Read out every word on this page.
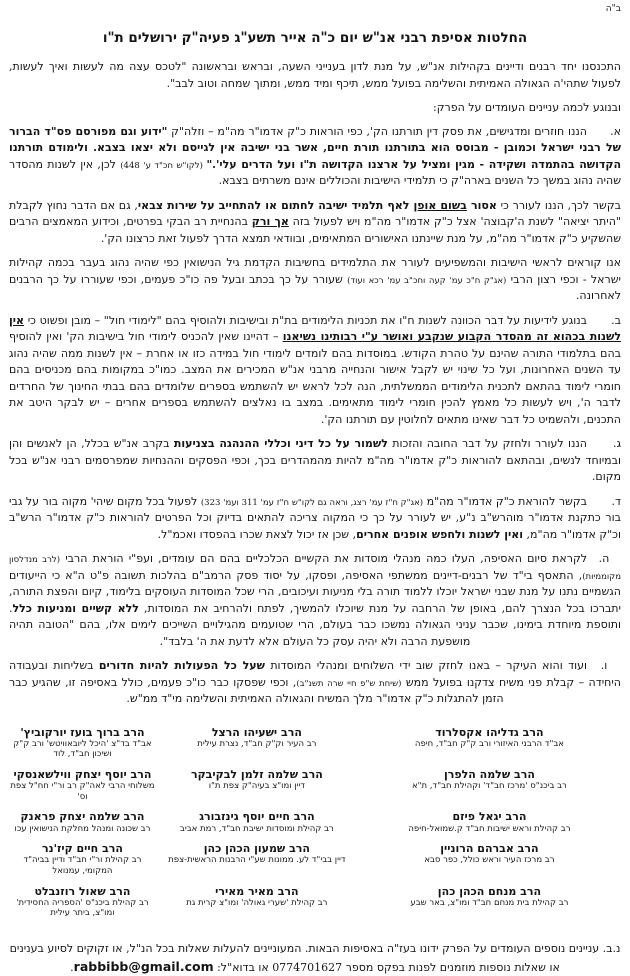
ב"ה
החלטות אסיפת רבני אנ"ש יום כ"ה אייר תשע"ג פעיה"ק ירושלים ת"ו

התכנסנו יחד רבנים ודיינים בקהילות אנ"ש, על מנת לדון בענייני השעה, ובראש ובראשונה "לטכס עצה מה לעשות ואיך לעשות, לפעול שתהי'ה הגאולה האמיתית והשלימה בפועל ממש, תיכף ומיד ממש, ומתוך שמחה וטוב לבב".

ובנוגע לכמה עניינים העומדים על הפרק:

א.הננו חוזרים ומדגישים, את פסק דין תורתנו הק', כפי הוראות כ"ק אדמו"ר מה"מ – וזלה"ק "ידוע וגם מפורסם פס"ד הברור של רבני ישראל וכמובן - מבוסס הוא בתורתנו תורת חיים, אשר בני ישיבה אין לגייסם ולא יצאו בצבא. ולימודם תורתנו הקדושה בהתמדה ושקידה - מגין ומציל על ארצנו הקדושה ת"ו ועל הדרים עלי'." (לקו"ש חכ"ד ע' 448) לכן, אין לשנות מהסדר שהיה נהוג במשך כל השנים בארה"ק כי תלמידי הישיבות והכוללים אינם משרתים בצבא.

בקשר לכך, הננו לעורר כי אסור בשום אופן לאף תלמיד ישיבה לחתום או להתחייב על שירות צבאי, גם אם הדבר נחוץ לקבלת "היתר יציאה" לשנת ה'קבוצה' אצל כ"ק אדמו"ר מה"מ ויש לפעול בזה אך ורק בהנחיית רב הבקי בפרטים, וכידוע המאמצים הרבים שהשקיע כ"ק אדמו"ר מה"מ, על מנת שיינתנו האישורים המתאימים, ובוודאי תמצא הדרך לפעול זאת כרצונו הק'.

אנו קוראים לראשי הישיבות והמשפיעים לעורר את התלמידים בחשיבות הקדמת גיל הנישואין כפי שהיה נהוג בעבר בכמה קהילות ישראל - וכפי רצון הרבי (אג"ק ח"כ עמ' קעה וחכ"ב עמ' רכא ועוד) שעורר על כך בכתב ובעל פה כו"כ פעמים, וכפי שעוררו על כך הרבנים לאחרונה.

ב.בנוגע לידיעות על דבר הכוונה לשנות ח"ו את תכניות הלימודים בת"ת ובישיבות ולהוסיף בהם "לימודי חול" – מובן ופשוט כי אין לשנות בכהוא זה מהסדר הקבוע שנקבע ואושר ע"י רבותינו נשיאנו – דהיינו שאין להכניס לימודי חול בישיבות הק' ואין להוסיף בהם בתלמודי התורה שהינם על טהרת הקודש. במוסדות בהם לומדים לימודי חול במידה כזו או אחרת – אין לשנות ממה שהיה נהוג עד השנים האחרונות, ועל כל שינוי יש לקבל אישור והנחייה מרבני אנ"ש המכירים את המצב. כמו"כ במקומות בהם מכניסים בהם חומרי לימוד בהתאם לתכנית הלימודים הממשלתית, הנה לכל לראש יש להשתמש בספרים שלומדים בהם בבתי החינוך של החרדים לדבר ה', ויש לעשות כל מאמץ להכין חומרי לימוד מתאימים. במצב בו נאלצים להשתמש בספרים אחרים – יש לבקר היטב את התכנים, ולהשמיט כל דבר שאינו מתאים לחלוטין עם תורתנו הק'.

ג.הננו לעורר ולחזק על דבר החובה והזכות לשמור על כל דיני וכללי ההנהגה בצניעות בקרב אנ"ש בכלל, הן לאנשים והן ובמיוחד לנשים, ובהתאם להוראות כ"ק אדמו"ר מה"מ להיות מהמהדרים בכך, וכפי הפסקים וההנחיות שמפרסמים רבני אנ"ש בכל מקום.

ד.בקשר להוראת כ"ק אדמו"ר מה"מ (אג"ק ח"ז עמ' רצג, וראה גם לקו"ש ח"ז עמ' 311 ועמ' 323) לפעול בכל מקום שיהי' מקוה בור על גבי בור כתקנת אדמו"ר מוהרש"ב נ"ע, יש לעורר על כך כי המקוה צריכה להתאים בדיוק וכל הפרטים להוראות כ"ק אדמו"ר הרש"ב וכ"ק אדמו"ר מה"מ, ואין לשנות ולחפש אופנים אחרים, שכן אז יכול לצאת שכרו בהפסדו ואכמ"ל.

ה.לקראת סיום האסיפה, העלו כמה מנהלי מוסדות את הקשיים הכלכליים בהם הם עומדים, ועפ"י הוראת הרבי (לרב מנדלסון מקוממיות), התאסף בי"ד של רבנים-דיינים ממשתפי האסיפה, ופסקו, על יסוד פסק הרמב"ם בהלכות תשובה פ"ט ה"א כי הייעודים הגשמיים נתנו על מנת שבני ישראל יוכלו ללמוד תורה בלי מניעות ועיכובים, הרי שכל המוסדות העוסקים בלימוד, קיום והפצת התורה, יתברכו בכל הנצרך להם, באופן של הרחבה על מנת שיוכלו להמשיך, לפתח ולהרחיב את המוסדות, ללא קשיים ומניעות כלל. ותוספת מיוחדת בימינו, שכבר עניני הגאולה נמשכו כבר בעולם, הרי שטועמים מהגילויים השייכים לימים אלו, בהם "הטובה תהיה מושפעת הרבה ולא יהיה עסק כל העולם אלא לדעת את ה' בלבד".

ו.ועוד והוא העיקר – באנו לחזק שוב ידי השלוחים ומנהלי המוסדות שעל כל הפעולות להיות חדורים בשליחות ובעבודה היחידה – קבלת פני משיח צדקנו בפועל ממש (שיחת ש"פ חיי שרה תשנ"ב), וכפי שפסקו כבר כו"כ פעמים, כולל באסיפה זו, שהגיע כבר הזמן להתגלות כ"ק אדמו"ר מלך המשיח והגאולה האמיתית והשלימה מי"ד ממ"ש.

הרב גדליהו אקסלרוד
אב"ד הרבני האיזורי ורב ק"ק חב"ד, חיפה
הרב ישעיהו הרצל
רב העיר וק"ק חב"ד, נצרת עילית
הרב ברוך בועז יורקוביץ'
אב"ד בד"צ 'היכל ליובאוויטש' ורב ק"ק ושיכון חב"ד, לוד
הרב שלמה הלפרן
רב ביכנ"ס 'מרכז חב"ד' וקהילת חב"ד, ת"א
הרב שלמה זלמן לבקיבקר
דיין ומו"צ בעיה"ק צפת ת"ו
הרב יוסף יצחק ווילשאנסקי
משלוחי הרבי לאה"ק רב ור"י חח"ל צפת וס'
הרב יגאל פיזם
רב קהילת וראש ישיבות חב"ד ק.שמואל-חיפה
הרב חיים יוסף גינזבורג
רב קהילת ומוסדות ישיבת חב"ד, רמת אביב
הרב שלמה יצחק פראנק
רב שכונה ומנהל מחלקת הנישואין עכו
הרב אברהם הרוניין
רב מרכז העיר וראש כולל, כפר סבא
הרב שמעון הכהן כהן
דיין בבי"ד לע. ממונות שע"י הרבנות הראשית-צפת
הרב חיים קיז'נר
רב קהילת ור"י חב"ד ודיין בביה"ד המקומי, עמנואל
הרב מנחם הכהן כהן
רב קהילת בית מנחם חב"ד ומו"צ, באר שבע
הרב מאיר מאירי
רב קהילת 'שערי גאולה' ומו"צ קרית גת
הרב שאול רוזנבלט
רב קהילת ביכנ"ס 'הספריה החסידית' ומו"צ, ביתר עילית

נ.ב. עניינים נוספים העומדים על הפרק ידונו בעז"ה באסיפות הבאות. המעוניינים להעלות שאלות בכל הנ"ל, או זקוקים לסיוע בענינים או שאלות נוספות מוזמנים לפנות בפקס מספר 0774701627 או בדוא"ל: rabbibb@gmail.com.
